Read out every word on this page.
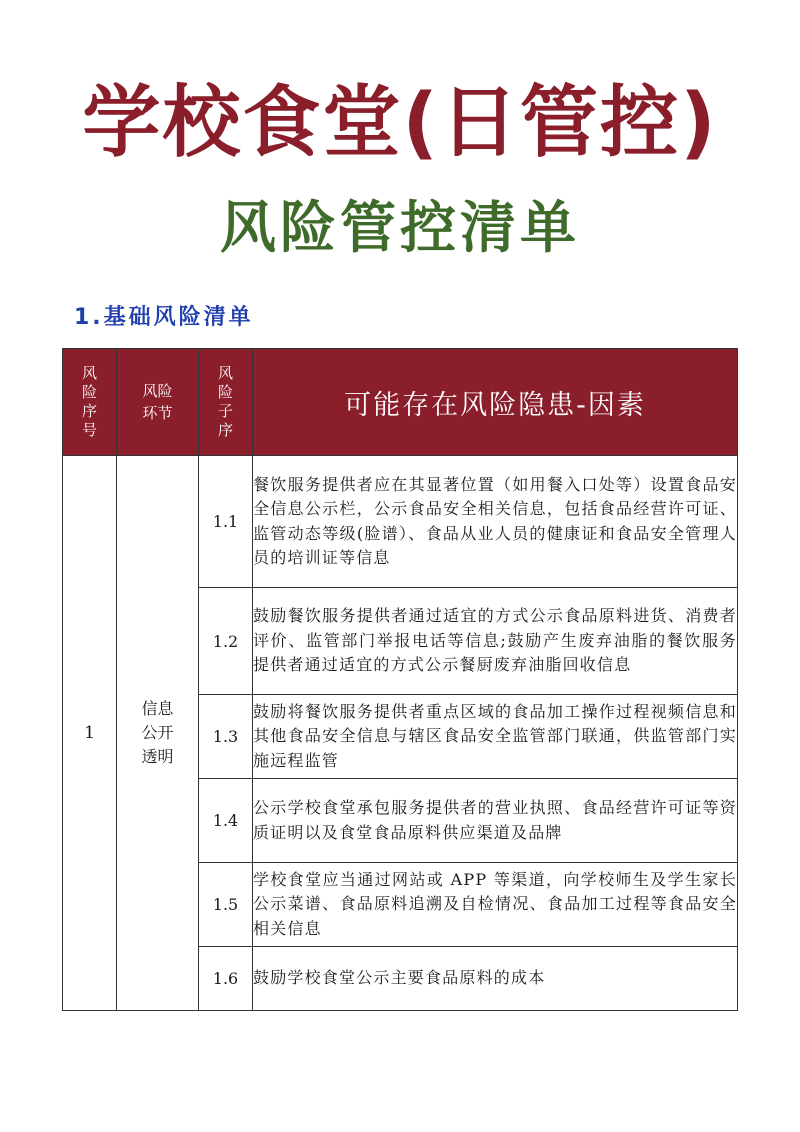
学校食堂(日管控)
风险管控清单
1.基础风险清单
风险序号	风险环节	风险子序	可能存在风险隐患-因素
1	信息公开透明	1.1	餐饮服务提供者应在其显著位置（如用餐入口处等）设置食品安全信息公示栏，公示食品安全相关信息，包括食品经营许可证、监管动态等级(脸谱）、食品从业人员的健康证和食品安全管理人员的培训证等信息

		1.2	鼓励餐饮服务提供者通过适宜的方式公示食品原料进货、消费者评价、监管部门举报电话等信息;鼓励产生废弃油脂的餐饮服务提供者通过适宜的方式公示餐厨废弃油脂回收信息

		1.3	鼓励将餐饮服务提供者重点区域的食品加工操作过程视频信息和其他食品安全信息与辖区食品安全监管部门联通，供监管部门实施远程监管

		1.4	公示学校食堂承包服务提供者的营业执照、食品经营许可证等资质证明以及食堂食品原料供应渠道及品牌

		1.5	学校食堂应当通过网站或 APP 等渠道，向学校师生及学生家长公示菜谱、食品原料追溯及自检情况、食品加工过程等食品安全相关信息

		1.6	鼓励学校食堂公示主要食品原料的成本
